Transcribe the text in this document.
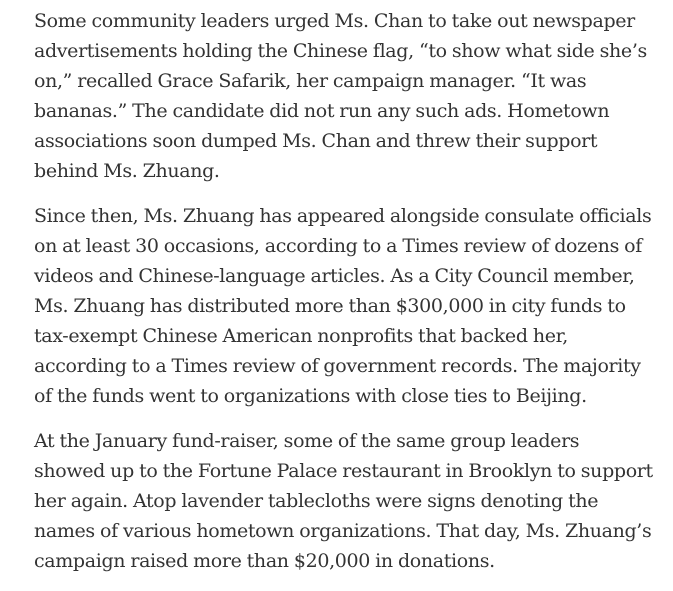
Some community leaders urged Ms. Chan to take out newspaper advertisements holding the Chinese flag, “to show what side she’s on,” recalled Grace Safarik, her campaign manager. “It was bananas.” The candidate did not run any such ads. Hometown associations soon dumped Ms. Chan and threw their support behind Ms. Zhuang.

Since then, Ms. Zhuang has appeared alongside consulate officials on at least 30 occasions, according to a Times review of dozens of videos and Chinese-language articles. As a City Council member, Ms. Zhuang has distributed more than $300,000 in city funds to tax-exempt Chinese American nonprofits that backed her, according to a Times review of government records. The majority of the funds went to organizations with close ties to Beijing.

At the January fund-raiser, some of the same group leaders showed up to the Fortune Palace restaurant in Brooklyn to support her again. Atop lavender tablecloths were signs denoting the names of various hometown organizations. That day, Ms. Zhuang’s campaign raised more than $20,000 in donations.
